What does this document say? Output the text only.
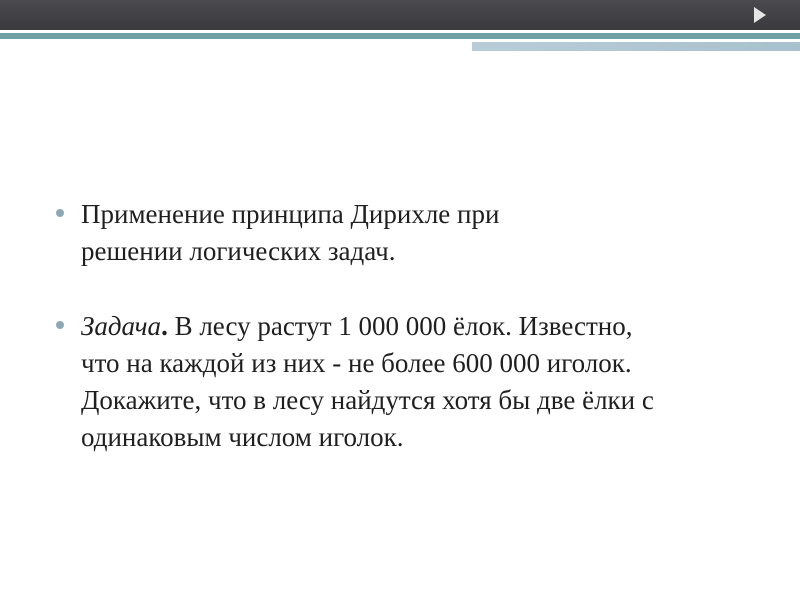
Применение принципа Дирихле при
решении логических задач.
Задача. В лесу растут 1 000 000 ёлок. Известно,
что на каждой из них - не более 600 000 иголок.
Докажите, что в лесу найдутся хотя бы две ёлки с
одинаковым числом иголок.
